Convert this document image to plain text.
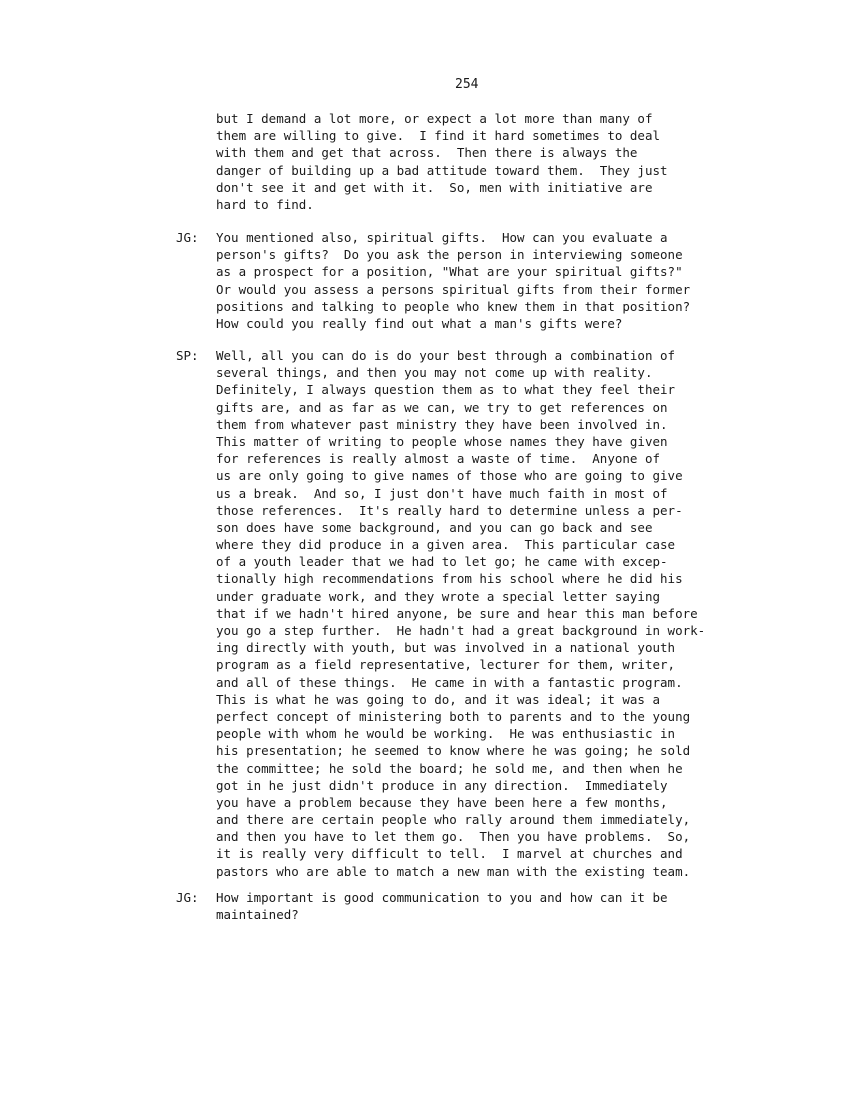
254
but I demand a lot more, or expect a lot more than many of
them are willing to give.  I find it hard sometimes to deal
with them and get that across.  Then there is always the
danger of building up a bad attitude toward them.  They just
don't see it and get with it.  So, men with initiative are
hard to find.
JG:	You mentioned also, spiritual gifts.  How can you evaluate a
person's gifts?  Do you ask the person in interviewing someone
as a prospect for a position, "What are your spiritual gifts?"
Or would you assess a persons spiritual gifts from their former
positions and talking to people who knew them in that position?
How could you really find out what a man's gifts were?
SP:	Well, all you can do is do your best through a combination of
several things, and then you may not come up with reality.
Definitely, I always question them as to what they feel their
gifts are, and as far as we can, we try to get references on
them from whatever past ministry they have been involved in.
This matter of writing to people whose names they have given
for references is really almost a waste of time.  Anyone of
us are only going to give names of those who are going to give
us a break.  And so, I just don't have much faith in most of
those references.  It's really hard to determine unless a per-
son does have some background, and you can go back and see
where they did produce in a given area.  This particular case
of a youth leader that we had to let go; he came with excep-
tionally high recommendations from his school where he did his
under graduate work, and they wrote a special letter saying
that if we hadn't hired anyone, be sure and hear this man before
you go a step further.  He hadn't had a great background in work-
ing directly with youth, but was involved in a national youth
program as a field representative, lecturer for them, writer,
and all of these things.  He came in with a fantastic program.
This is what he was going to do, and it was ideal; it was a
perfect concept of ministering both to parents and to the young
people with whom he would be working.  He was enthusiastic in
his presentation; he seemed to know where he was going; he sold
the committee; he sold the board; he sold me, and then when he
got in he just didn't produce in any direction.  Immediately
you have a problem because they have been here a few months,
and there are certain people who rally around them immediately,
and then you have to let them go.  Then you have problems.  So,
it is really very difficult to tell.  I marvel at churches and
pastors who are able to match a new man with the existing team.
JG:	How important is good communication to you and how can it be
maintained?
